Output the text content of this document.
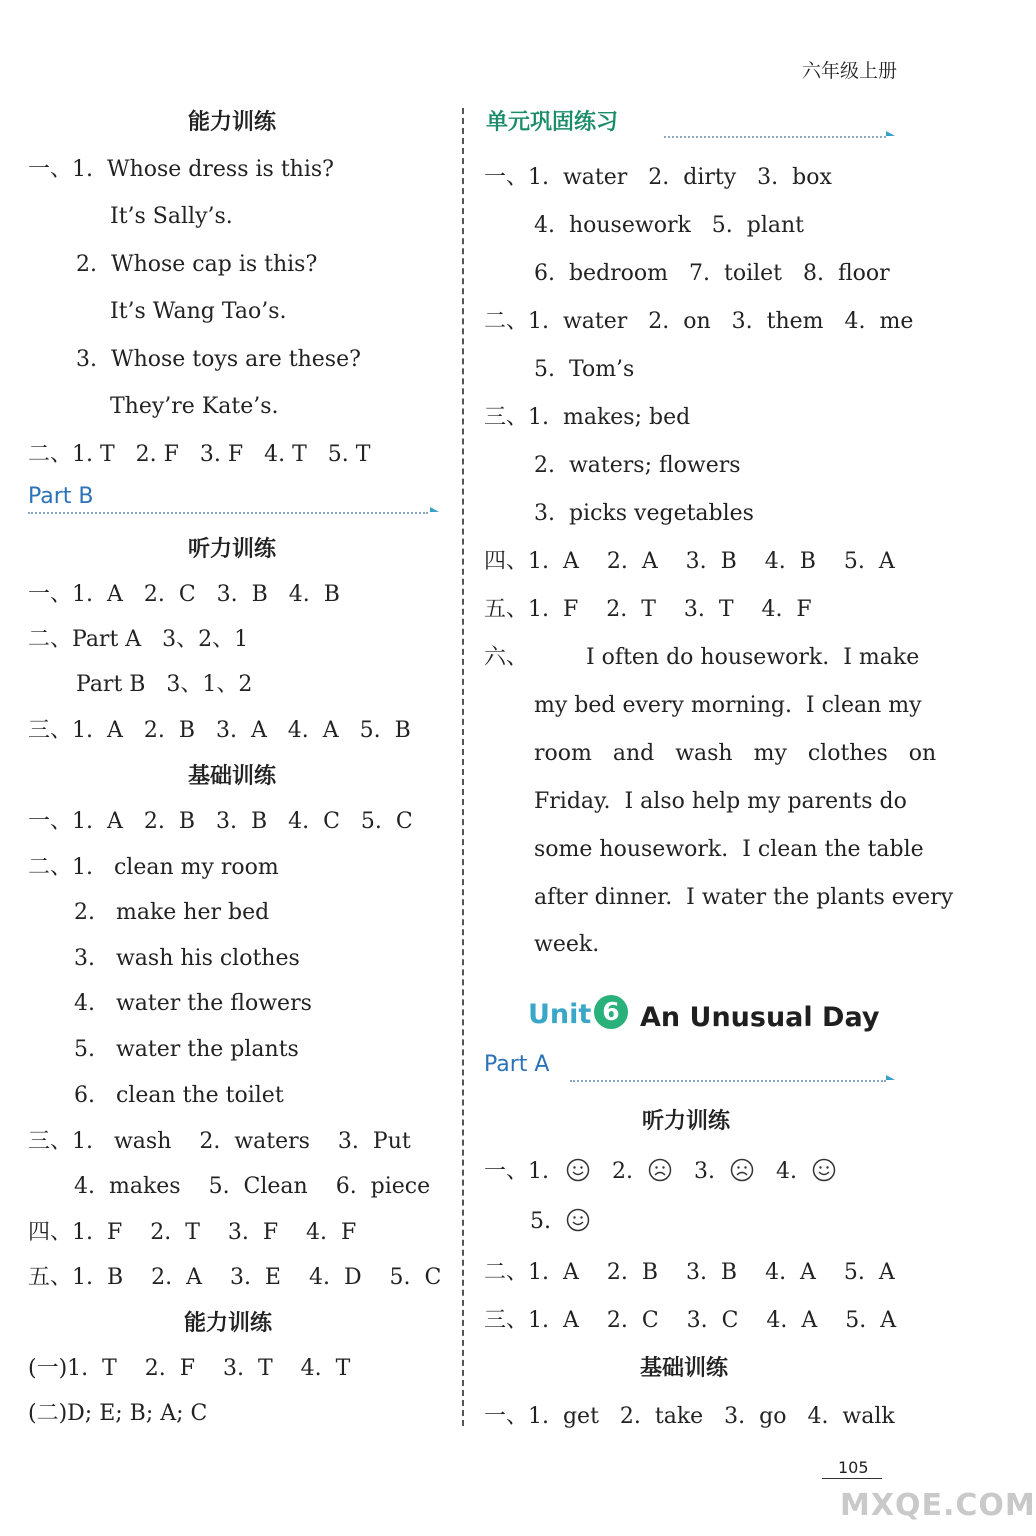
六年级上册
能力训练
一、1.  Whose dress is this?
It’s Sally’s.
2.  Whose cap is this?
It’s Wang Tao’s.
3.  Whose toys are these?
They’re Kate’s.
二、1. T   2. F   3. F   4. T   5. T
Part B
听力训练
一、1.  A   2.  C   3.  B   4.  B
二、Part A   3、2、1
Part B   3、1、2
三、1.  A   2.  B   3.  A   4.  A   5.  B
基础训练
一、1.  A   2.  B   3.  B   4.  C   5.  C
二、1.   clean my room
2.   make her bed
3.   wash his clothes
4.   water the flowers
5.   water the plants
6.   clean the toilet
三、1.   wash    2.  waters    3.  Put
4.  makes    5.  Clean    6.  piece
四、1.  F    2.  T    3.  F    4.  F
五、1.  B    2.  A    3.  E    4.  D    5.  C
能力训练
(一)1.  T    2.  F    3.  T    4.  T
(二)D; E; B; A; C
单元巩固练习
一、1.  water   2.  dirty   3.  box
4.  housework   5.  plant
6.  bedroom   7.  toilet   8.  floor
二、1.  water   2.  on   3.  them   4.  me
5.  Tom’s
三、1.  makes; bed
2.  waters; flowers
3.  picks vegetables
四、1.  A    2.  A    3.  B    4.  B    5.  A
五、1.  F    2.  T    3.  T    4.  F
六、	I often do housework.  I make
my bed every morning.  I clean my
room   and   wash   my   clothes   on
Friday.  I also help my parents do
some housework.  I clean the table
after dinner.  I water the plants every
week.
Unit 6 An Unusual Day
Part A
听力训练
一、1.	2.	3.	4.
5.
二、1.  A    2.  B    3.  B    4.  A    5.  A
三、1.  A    2.  C    3.  C    4.  A    5.  A
基础训练
一、1.  get   2.  take   3.  go   4.  walk
105
MXQE.COM
